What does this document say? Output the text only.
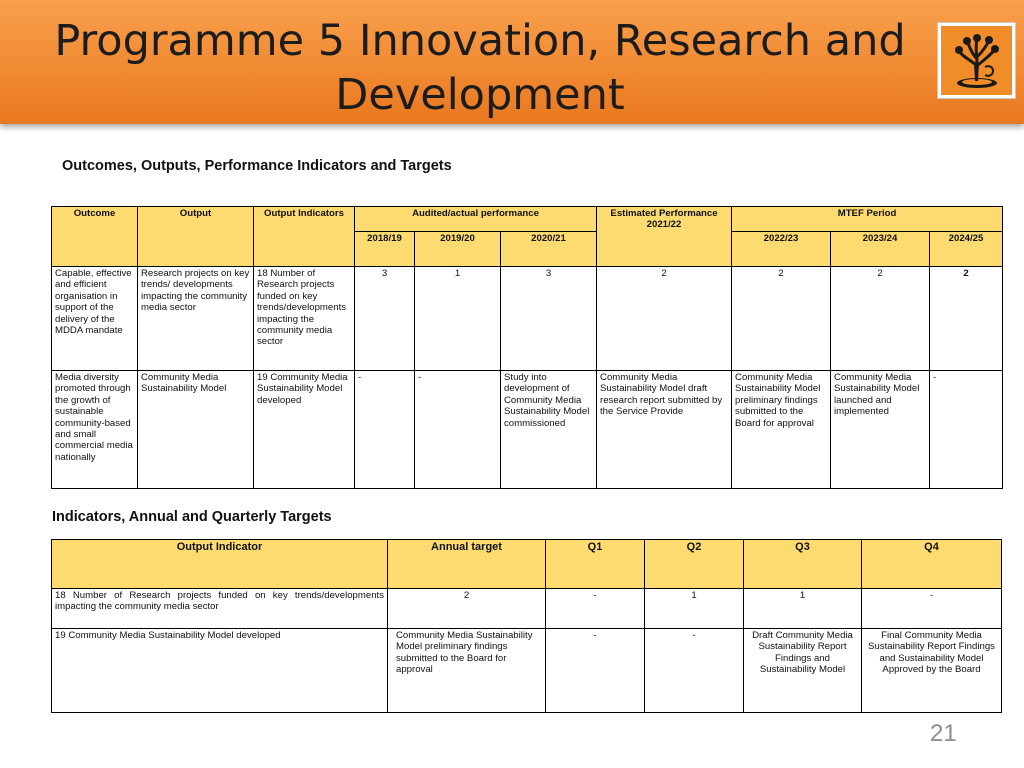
Programme 5 Innovation, Research and Development
Outcomes, Outputs, Performance Indicators and Targets
Outcome	Output	Output Indicators	Audited/actual performance			Estimated Performance 2021/22	MTEF Period		
			2018/19	2019/20	2020/21		2022/23	2023/24	2024/25
Capable, effective and efficient organisation in support of the delivery of the MDDA mandate	Research projects on key trends/ developments impacting the community media sector	18 Number of Research projects funded on key trends/developments impacting the community media sector	3	1	3	2	2	2	2
Media diversity promoted through the growth of sustainable community-based and small commercial media nationally	Community Media Sustainability Model	19 Community Media Sustainability Model developed	-	-	Study into development of Community Media Sustainability Model commissioned	Community Media Sustainability Model draft research report submitted by the Service Provide	Community Media Sustainability Model preliminary findings submitted to the Board for approval	Community Media Sustainability Model launched and implemented	-
Indicators, Annual and Quarterly Targets
Output Indicator	Annual target	Q1	Q2	Q3	Q4
18 Number of Research projects funded on key trends/developments impacting the community media sector	2	-	1	1	-
19 Community Media Sustainability Model developed	Community Media Sustainability Model preliminary findings submitted to the Board for approval	-	-	Draft Community Media Sustainability Report Findings and Sustainability Model	Final Community Media Sustainability Report Findings and Sustainability Model Approved by the Board
21
